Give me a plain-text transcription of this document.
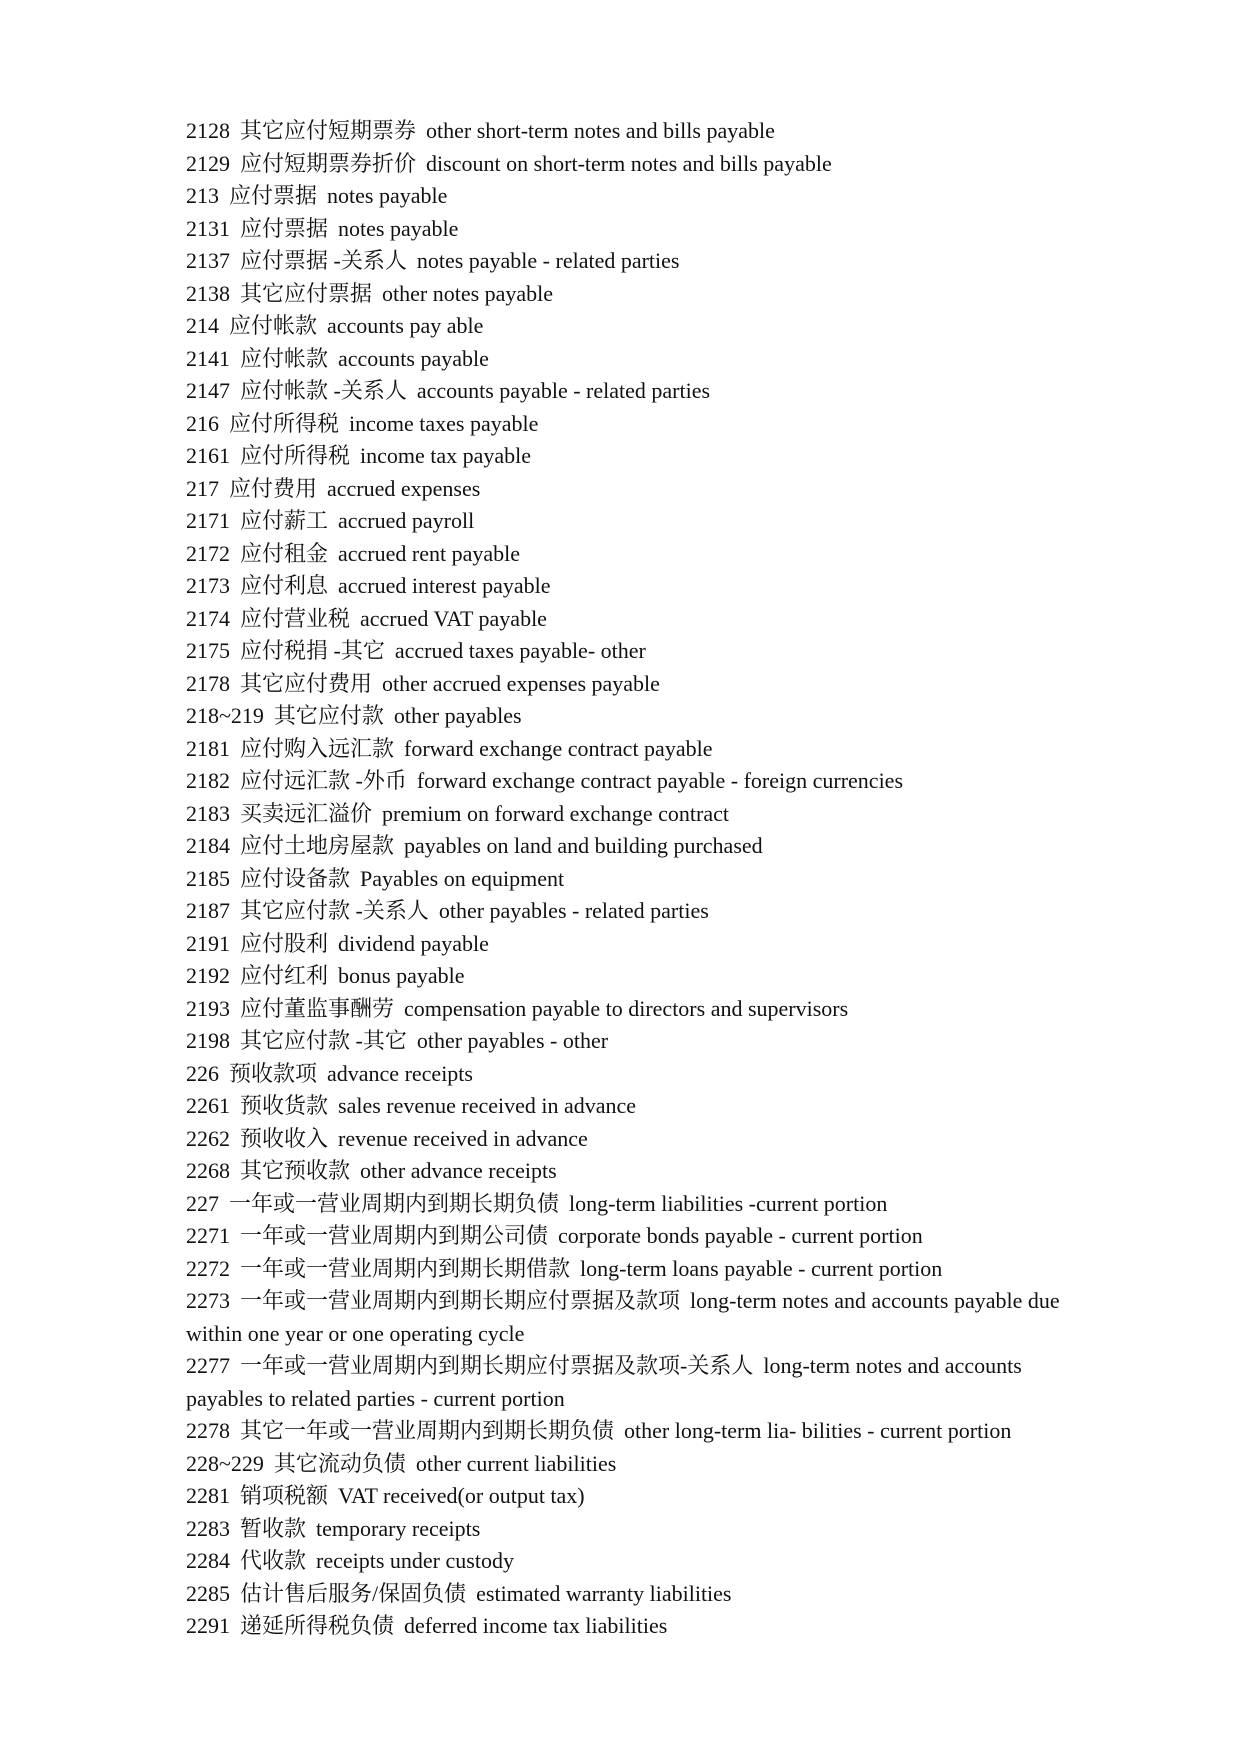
2128 其它应付短期票券 other short-term notes and bills payable
2129 应付短期票券折价 discount on short-term notes and bills payable
213 应付票据 notes payable
2131 应付票据 notes payable
2137 应付票据 -关系人 notes payable - related parties
2138 其它应付票据 other notes payable
214 应付帐款 accounts pay able
2141 应付帐款 accounts payable
2147 应付帐款 -关系人 accounts payable - related parties
216 应付所得税 income taxes payable
2161 应付所得税 income tax payable
217 应付费用 accrued expenses
2171 应付薪工 accrued payroll
2172 应付租金 accrued rent payable
2173 应付利息 accrued interest payable
2174 应付营业税 accrued VAT payable
2175 应付税捐 -其它 accrued taxes payable- other
2178 其它应付费用 other accrued expenses payable
218~219 其它应付款 other payables
2181 应付购入远汇款 forward exchange contract payable
2182 应付远汇款 -外币 forward exchange contract payable - foreign currencies
2183 买卖远汇溢价 premium on forward exchange contract
2184 应付土地房屋款 payables on land and building purchased
2185 应付设备款 Payables on equipment
2187 其它应付款 -关系人 other payables - related parties
2191 应付股利 dividend payable
2192 应付红利 bonus payable
2193 应付董监事酬劳 compensation payable to directors and supervisors
2198 其它应付款 -其它 other payables - other
226 预收款项 advance receipts
2261 预收货款 sales revenue received in advance
2262 预收收入 revenue received in advance
2268 其它预收款 other advance receipts
227 一年或一营业周期内到期长期负债 long-term liabilities -current portion
2271 一年或一营业周期内到期公司债 corporate bonds payable - current portion
2272 一年或一营业周期内到期长期借款 long-term loans payable - current portion
2273 一年或一营业周期内到期长期应付票据及款项 long-term notes and accounts payable due within one year or one operating cycle
2277 一年或一营业周期内到期长期应付票据及款项-关系人 long-term notes and accounts payables to related parties - current portion
2278 其它一年或一营业周期内到期长期负债 other long-term lia- bilities - current portion
228~229 其它流动负债 other current liabilities
2281 销项税额 VAT received(or output tax)
2283 暂收款 temporary receipts
2284 代收款 receipts under custody
2285 估计售后服务/保固负债 estimated warranty liabilities
2291 递延所得税负债 deferred income tax liabilities
